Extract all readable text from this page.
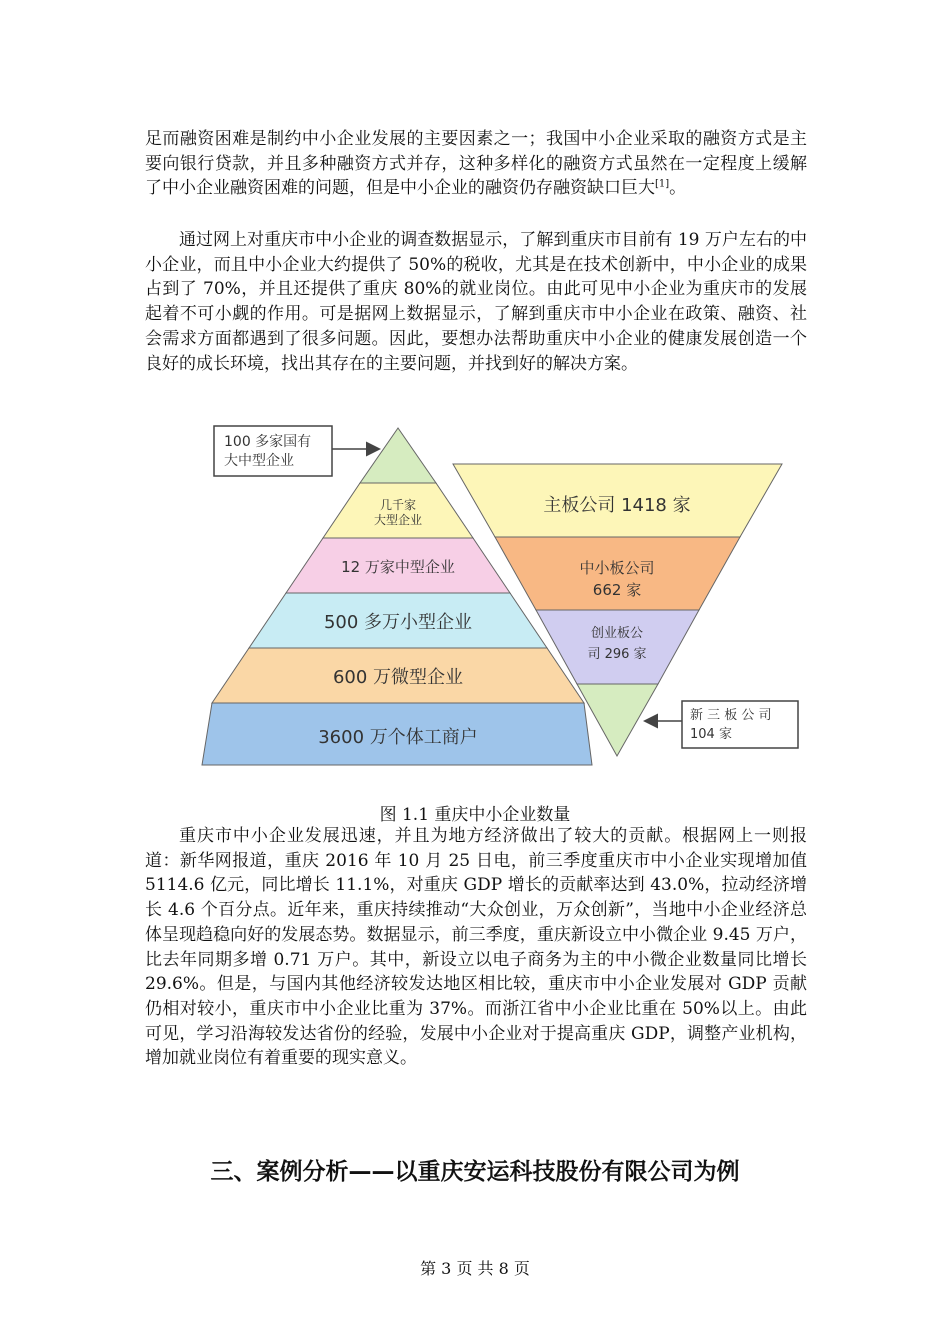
足而融资困难是制约中小企业发展的主要因素之一；我国中小企业采取的融资方式是主要向银行贷款，并且多种融资方式并存，这种多样化的融资方式虽然在一定程度上缓解了中小企业融资困难的问题，但是中小企业的融资仍存融资缺口巨大[1]。

通过网上对重庆市中小企业的调查数据显示，了解到重庆市目前有 19 万户左右的中小企业，而且中小企业大约提供了 50%的税收，尤其是在技术创新中，中小企业的成果占到了 70%，并且还提供了重庆 80%的就业岗位。由此可见中小企业为重庆市的发展起着不可小觑的作用。可是据网上数据显示，了解到重庆市中小企业在政策、融资、社会需求方面都遇到了很多问题。因此，要想办法帮助重庆中小企业的健康发展创造一个良好的成长环境，找出其存在的主要问题，并找到好的解决方案。

几千家
大型企业
12 万家中型企业
500 多万小型企业
600 万微型企业
3600 万个体工商户
100 多家国有
大中型企业
主板公司 1418 家
中小板公司
662 家
创业板公
司 296 家
新 三 板 公 司
104 家
图 1.1 重庆中小企业数量

重庆市中小企业发展迅速，并且为地方经济做出了较大的贡献。根据网上一则报道：新华网报道，重庆 2016 年 10 月 25 日电，前三季度重庆市中小企业实现增加值 5114.6 亿元，同比增长 11.1%，对重庆 GDP 增长的贡献率达到 43.0%，拉动经济增长 4.6 个百分点。近年来，重庆持续推动“大众创业，万众创新”，当地中小企业经济总体呈现趋稳向好的发展态势。数据显示，前三季度，重庆新设立中小微企业 9.45 万户，比去年同期多增 0.71 万户。其中，新设立以电子商务为主的中小微企业数量同比增长 29.6%。但是，与国内其他经济较发达地区相比较，重庆市中小企业发展对 GDP 贡献仍相对较小，重庆市中小企业比重为 37%。而浙江省中小企业比重在 50%以上。由此可见，学习沿海较发达省份的经验，发展中小企业对于提高重庆 GDP，调整产业机构，增加就业岗位有着重要的现实意义。

三、案例分析——以重庆安运科技股份有限公司为例
第 3 页 共 8 页
